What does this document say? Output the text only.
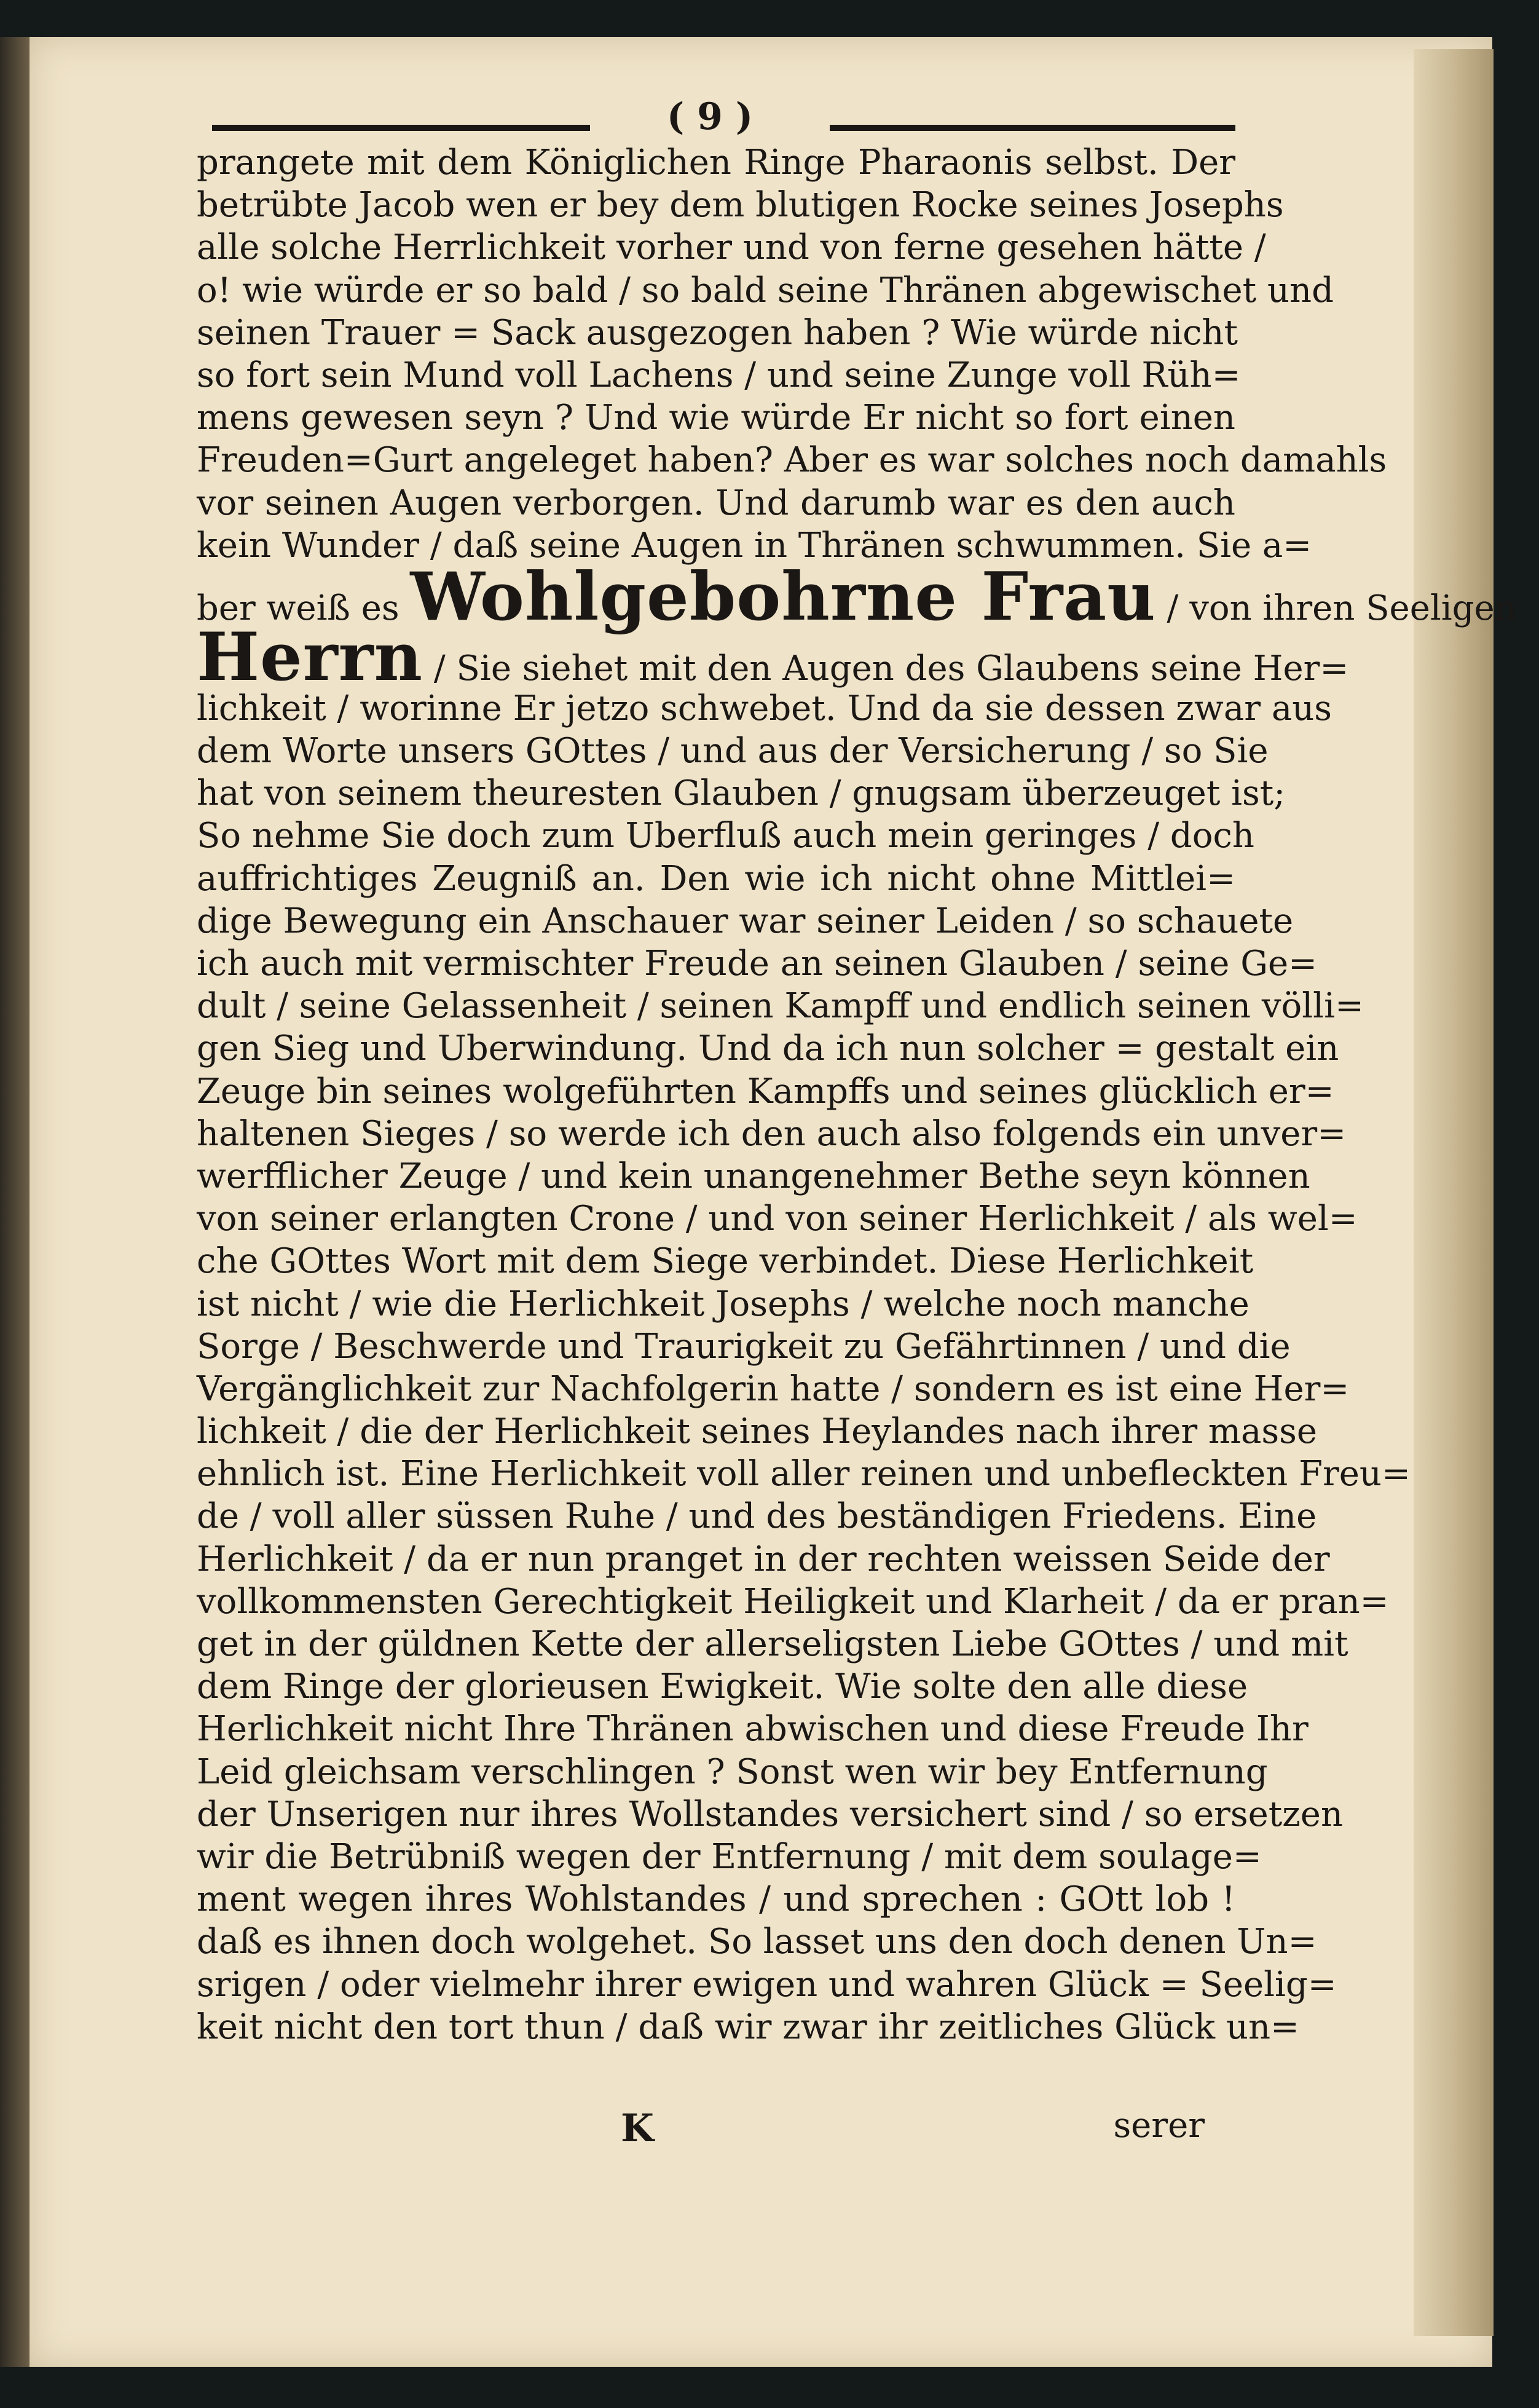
( 9 )
prangete mit dem Königlichen Ringe Pharaonis selbst. Der
betrübte Jacob wen er bey dem blutigen Rocke seines Josephs
alle solche Herrlichkeit vorher und von ferne gesehen hätte /
o! wie würde er so bald / so bald seine Thränen abgewischet und
seinen Trauer = Sack ausgezogen haben ? Wie würde nicht
so fort sein Mund voll Lachens / und seine Zunge voll Rüh=
mens gewesen seyn ? Und wie würde Er nicht so fort einen
Freuden=Gurt angeleget haben? Aber es war solches noch damahls
vor seinen Augen verborgen. Und darumb war es den auch
kein Wunder / daß seine Augen in Thränen schwummen. Sie a=
ber weiß es Wohlgebohrne Frau / von ihren Seeligen
Herrn / Sie siehet mit den Augen des Glaubens seine Her=
lichkeit / worinne Er jetzo schwebet. Und da sie dessen zwar aus
dem Worte unsers GOttes / und aus der Versicherung / so Sie
hat von seinem theuresten Glauben / gnugsam überzeuget ist;
So nehme Sie doch zum Uberfluß auch mein geringes / doch
auffrichtiges Zeugniß an. Den wie ich nicht ohne Mittlei=
dige Bewegung ein Anschauer war seiner Leiden / so schauete
ich auch mit vermischter Freude an seinen Glauben / seine Ge=
dult / seine Gelassenheit / seinen Kampff und endlich seinen völli=
gen Sieg und Uberwindung. Und da ich nun solcher = gestalt ein
Zeuge bin seines wolgeführten Kampffs und seines glücklich er=
haltenen Sieges / so werde ich den auch also folgends ein unver=
werfflicher Zeuge / und kein unangenehmer Bethe seyn können
von seiner erlangten Crone / und von seiner Herlichkeit / als wel=
che GOttes Wort mit dem Siege verbindet. Diese Herlichkeit
ist nicht / wie die Herlichkeit Josephs / welche noch manche
Sorge / Beschwerde und Traurigkeit zu Gefährtinnen / und die
Vergänglichkeit zur Nachfolgerin hatte / sondern es ist eine Her=
lichkeit / die der Herlichkeit seines Heylandes nach ihrer masse
ehnlich ist. Eine Herlichkeit voll aller reinen und unbefleckten Freu=
de / voll aller süssen Ruhe / und des beständigen Friedens. Eine
Herlichkeit / da er nun pranget in der rechten weissen Seide der
vollkommensten Gerechtigkeit Heiligkeit und Klarheit / da er pran=
get in der güldnen Kette der allerseligsten Liebe GOttes / und mit
dem Ringe der glorieusen Ewigkeit. Wie solte den alle diese
Herlichkeit nicht Ihre Thränen abwischen und diese Freude Ihr
Leid gleichsam verschlingen ? Sonst wen wir bey Entfernung
der Unserigen nur ihres Wollstandes versichert sind / so ersetzen
wir die Betrübniß wegen der Entfernung / mit dem soulage=
ment wegen ihres Wohlstandes / und sprechen : GOtt lob !
daß es ihnen doch wolgehet. So lasset uns den doch denen Un=
srigen / oder vielmehr ihrer ewigen und wahren Glück = Seelig=
keit nicht den tort thun / daß wir zwar ihr zeitliches Glück un=
K	serer
